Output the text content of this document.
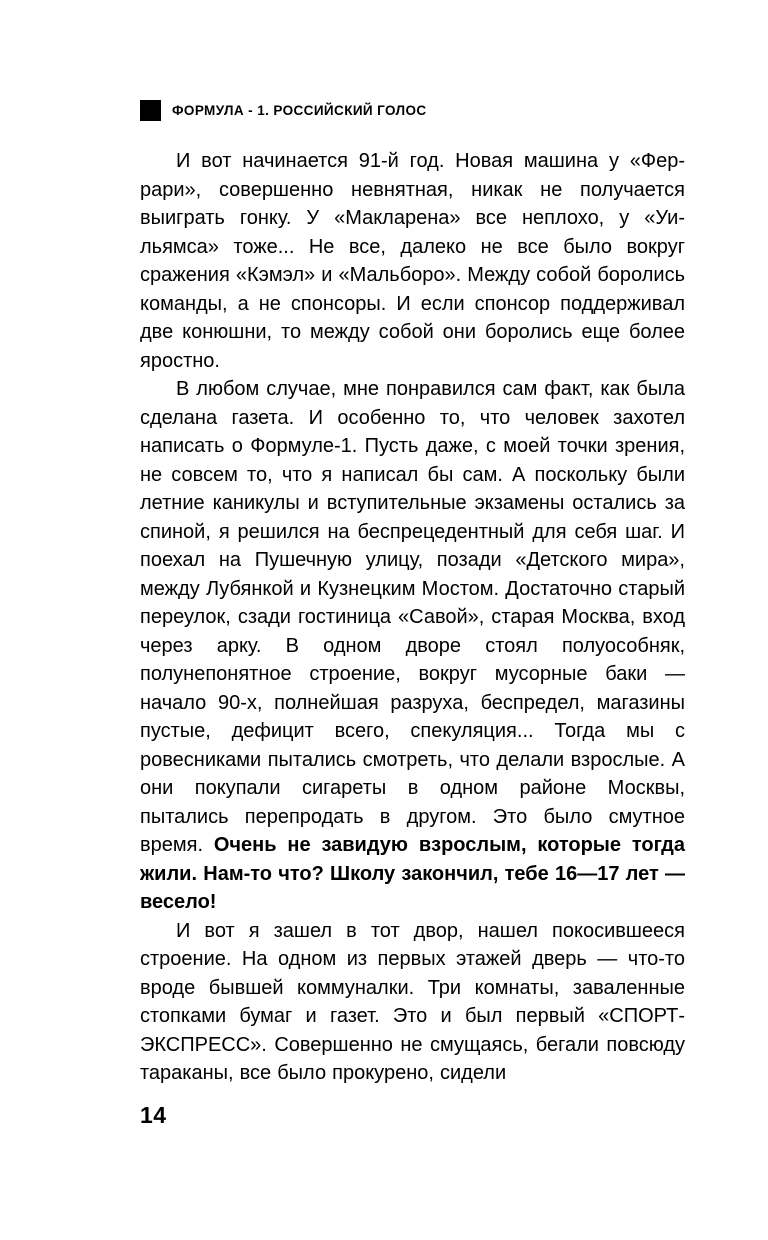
ФОРМУЛА - 1. РОССИЙСКИЙ ГОЛОС

И вот начинается 91-й год. Новая машина у «Феррари», совершенно невнятная, никак не получается выиграть гонку. У «Макларена» все неплохо, у «Уильямса» тоже... Не все, далеко не все было вокруг сражения «Кэмэл» и «Мальборо». Между собой боролись команды, а не спонсоры. И если спонсор поддерживал две конюшни, то между собой они боролись еще более яростно.

В любом случае, мне понравился сам факт, как была сделана газета. И особенно то, что человек захотел написать о Формуле-1. Пусть даже, с моей точки зрения, не совсем то, что я написал бы сам. А поскольку были летние каникулы и вступительные экзамены остались за спиной, я решился на беспрецедентный для себя шаг. И поехал на Пушечную улицу, позади «Детского мира», между Лубянкой и Кузнецким Мостом. Достаточно старый переулок, сзади гостиница «Савой», старая Москва, вход через арку. В одном дворе стоял полуособняк, полунепонятное строение, вокруг мусорные баки — начало 90-х, полнейшая разруха, беспредел, магазины пустые, дефицит всего, спекуляция... Тогда мы с ровесниками пытались смотреть, что делали взрослые. А они покупали сигареты в одном районе Москвы, пытались перепродать в другом. Это было смутное время. Очень не завидую взрослым, которые тогда жили. Нам-то что? Школу закончил, тебе 16—17 лет — весело!

И вот я зашел в тот двор, нашел покосившееся строение. На одном из первых этажей дверь — что-то вроде бывшей коммуналки. Три комнаты, заваленные стопками бумаг и газет. Это и был первый «СПОРТ-ЭКСПРЕСС». Совершенно не смущаясь, бегали повсюду тараканы, все было прокурено, сидели

14
